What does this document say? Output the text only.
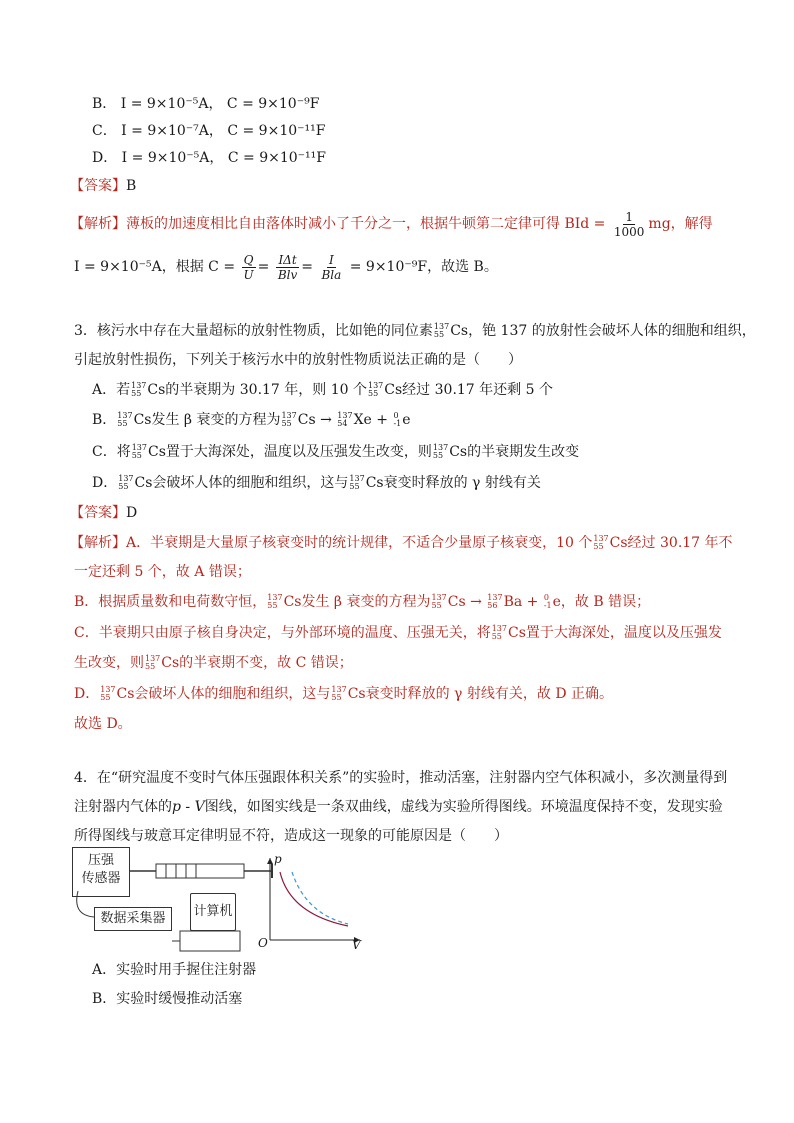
B． I = 9×10⁻⁵A， C = 9×10⁻⁹F
C． I = 9×10⁻⁷A， C = 9×10⁻¹¹F
D． I = 9×10⁻⁵A， C = 9×10⁻¹¹F
【答案】B
【解析】薄板的加速度相比自由落体时减小了千分之一，根据牛顿第二定律可得 BId = $\frac{1}{1000}$ mg，解得
I = 9×10⁻⁵A，根据 $C = \frac{Q}{U} = \frac{\text{IΔt}}{\text{Blv}} = \frac{I}{\text{Bla}} = 9\times 10^{-9}F$，故选 B。
3．核污水中存在大量超标的放射性物质，比如铯的同位素 137
55 Cs，铯 137 的放射性会破坏人体的细胞和组织，
引起放射性损伤，下列关于核污水中的放射性物质说法正确的是（　　）
A．若 137
55 Cs的半衰期为 30.17 年，则 10 个 137
55 Cs经过 30.17 年还剩 5 个
B． 137
55 Cs发生 β 衰变的方程为 137
55 Cs → 137
54 Xe + 0
-1 e
C．将 137
55 Cs置于大海深处，温度以及压强发生改变，则 137
55 Cs的半衰期发生改变
D． 137
55 Cs会破坏人体的细胞和组织，这与 137
55 Cs衰变时释放的 γ 射线有关
【答案】D
【解析】A．半衰期是大量原子核衰变时的统计规律，不适合少量原子核衰变，10 个 137
55 Cs经过 30.17 年不
一定还剩 5 个，故 A 错误；
B．根据质量数和电荷数守恒， 137
55 Cs发生 β 衰变的方程为 137
55 Cs → 137
56 Ba + 0
-1 e，故 B 错误；
C．半衰期只由原子核自身决定，与外部环境的温度、压强无关，将 137
55 Cs置于大海深处，温度以及压强发
生改变，则 137
55 Cs的半衰期不变，故 C 错误；
D． 137
55 Cs会破坏人体的细胞和组织，这与 137
55 Cs衰变时释放的 γ 射线有关，故 D 正确。
故选 D。
4．在“研究温度不变时气体压强跟体积关系”的实验时，推动活塞，注射器内空气体积减小，多次测量得到
注射器内气体的p - V图线，如图实线是一条双曲线，虚线为实验所得图线。环境温度保持不变，发现实验
所得图线与玻意耳定律明显不符，造成这一现象的可能原因是（　　）
压强
传感器
数据采集器	计算机
p
V
O
A．实验时用手握住注射器
B．实验时缓慢推动活塞
